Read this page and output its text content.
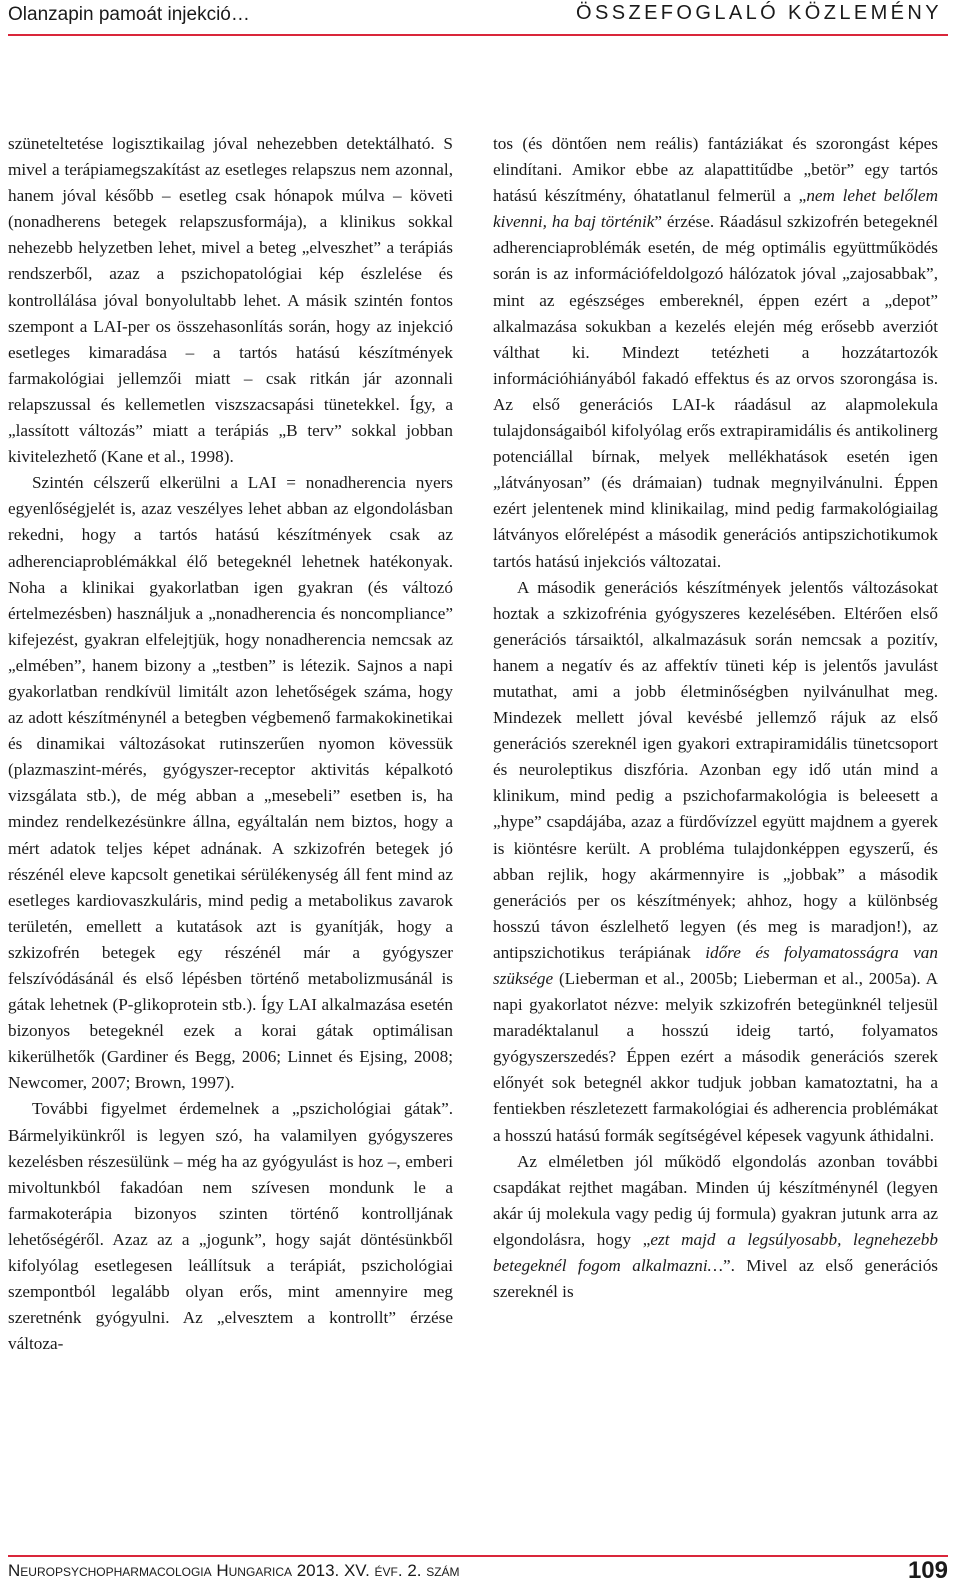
Olanzapin pamoát injekció…	ÖSSZEFOGLALÓ KÖZLEMÉNY

szüneteltetése logisztikailag jóval nehezebben detektálható. S mivel a terápiamegszakítást az esetleges relapszus nem azonnal, hanem jóval később – esetleg csak hónapok múlva – követi (nonadherens betegek relapszusformája), a klinikus sokkal nehezebb helyzetben lehet, mivel a beteg „elveszhet” a terápiás rendszerből, azaz a pszichopatológiai kép észlelése és kontrollálása jóval bonyolultabb lehet. A másik szintén fontos szempont a LAI-per os összehasonlítás során, hogy az injekció esetleges kimaradása – a tartós hatású készítmények farmakológiai jellemzői miatt – csak ritkán jár azonnali relapszussal és kellemetlen viszszacsapási tünetekkel. Így, a „lassított változás” miatt a terápiás „B terv” sokkal jobban kivitelezhető (Kane et al., 1998).

Szintén célszerű elkerülni a LAI = nonadherencia nyers egyenlőségjelét is, azaz veszélyes lehet abban az elgondolásban rekedni, hogy a tartós hatású készítmények csak az adherenciaproblémákkal élő betegeknél lehetnek hatékonyak. Noha a klinikai gyakorlatban igen gyakran (és változó értelmezésben) használjuk a „nonadherencia és noncompliance” kifejezést, gyakran elfelejtjük, hogy nonadherencia nemcsak az „elmében”, hanem bizony a „testben” is létezik. Sajnos a napi gyakorlatban rendkívül limitált azon lehetőségek száma, hogy az adott készítménynél a betegben végbemenő farmakokinetikai és dinamikai változásokat rutinszerűen nyomon kövessük (plazmaszint-mérés, gyógyszer-receptor aktivitás képalkotó vizsgálata stb.), de még abban a „mesebeli” esetben is, ha mindez rendelkezésünkre állna, egyáltalán nem biztos, hogy a mért adatok teljes képet adnának. A szkizofrén betegek jó részénél eleve kapcsolt genetikai sérülékenység áll fent mind az esetleges kardiovaszkuláris, mind pedig a metabolikus zavarok területén, emellett a kutatások azt is gyanítják, hogy a szkizofrén betegek egy részénél már a gyógyszer felszívódásánál és első lépésben történő metabolizmusánál is gátak lehetnek (P-glikoprotein stb.). Így LAI alkalmazása esetén bizonyos betegeknél ezek a korai gátak optimálisan kikerülhetők (Gardiner és Begg, 2006; Linnet és Ejsing, 2008; Newcomer, 2007; Brown, 1997).

További figyelmet érdemelnek a „pszichológiai gátak”. Bármelyikünkről is legyen szó, ha valamilyen gyógyszeres kezelésben részesülünk – még ha az gyógyulást is hoz –, emberi mivoltunkból fakadóan nem szívesen mondunk le a farmakoterápia bizonyos szinten történő kontrolljának lehetőségéről. Azaz az a „jogunk”, hogy saját döntésünkből kifolyólag esetlegesen leállítsuk a terápiát, pszichológiai szempontból legalább olyan erős, mint amennyire meg szeretnénk gyógyulni. Az „elvesztem a kontrollt” érzése változa-

tos (és döntően nem reális) fantáziákat és szorongást képes elindítani. Amikor ebbe az alapattitűdbe „betör” egy tartós hatású készítmény, óhatatlanul felmerül a „nem lehet belőlem kivenni, ha baj történik” érzése. Ráadásul szkizofrén betegeknél adherenciaproblémák esetén, de még optimális együttműködés során is az információfeldolgozó hálózatok jóval „zajosabbak”, mint az egészséges embereknél, éppen ezért a „depot” alkalmazása sokukban a kezelés elején még erősebb averziót válthat ki. Mindezt tetézheti a hozzátartozók információhiányából fakadó effektus és az orvos szorongása is. Az első generációs LAI-k ráadásul az alapmolekula tulajdonságaiból kifolyólag erős extrapiramidális és antikolinerg potenciállal bírnak, melyek mellékhatások esetén igen „látványosan” (és drámaian) tudnak megnyilvánulni. Éppen ezért jelentenek mind klinikailag, mind pedig farmakológiailag látványos előrelépést a második generációs antipszichotikumok tartós hatású injekciós változatai.

A második generációs készítmények jelentős változásokat hoztak a szkizofrénia gyógyszeres kezelésében. Eltérően első generációs társaiktól, alkalmazásuk során nemcsak a pozitív, hanem a negatív és az affektív tüneti kép is jelentős javulást mutathat, ami a jobb életminőségben nyilvánulhat meg. Mindezek mellett jóval kevésbé jellemző rájuk az első generációs szereknél igen gyakori extrapiramidális tünetcsoport és neuroleptikus diszfória. Azonban egy idő után mind a klinikum, mind pedig a pszichofarmakológia is beleesett a „hype” csapdájába, azaz a fürdővízzel együtt majdnem a gyerek is kiöntésre került. A probléma tulajdonképpen egyszerű, és abban rejlik, hogy akármennyire is „jobbak” a második generációs per os készítmények; ahhoz, hogy a különbség hosszú távon észlelhető legyen (és meg is maradjon!), az antipszichotikus terápiának időre és folyamatosságra van szüksége (Lieberman et al., 2005b; Lieberman et al., 2005a). A napi gyakorlatot nézve: melyik szkizofrén betegünknél teljesül maradéktalanul a hosszú ideig tartó, folyamatos gyógyszerszedés? Éppen ezért a második generációs szerek előnyét sok betegnél akkor tudjuk jobban kamatoztatni, ha a fentiekben részletezett farmakológiai és adherencia problémákat a hosszú hatású formák segítségével képesek vagyunk áthidalni.

Az elméletben jól működő elgondolás azonban további csapdákat rejthet magában. Minden új készítménynél (legyen akár új molekula vagy pedig új formula) gyakran jutunk arra az elgondolásra, hogy „ezt majd a legsúlyosabb, legnehezebb betegeknél fogom alkalmazni…”. Mivel az első generációs szereknél is

Neuropsychopharmacologia Hungarica 2013. XV. évf. 2. szám	109
